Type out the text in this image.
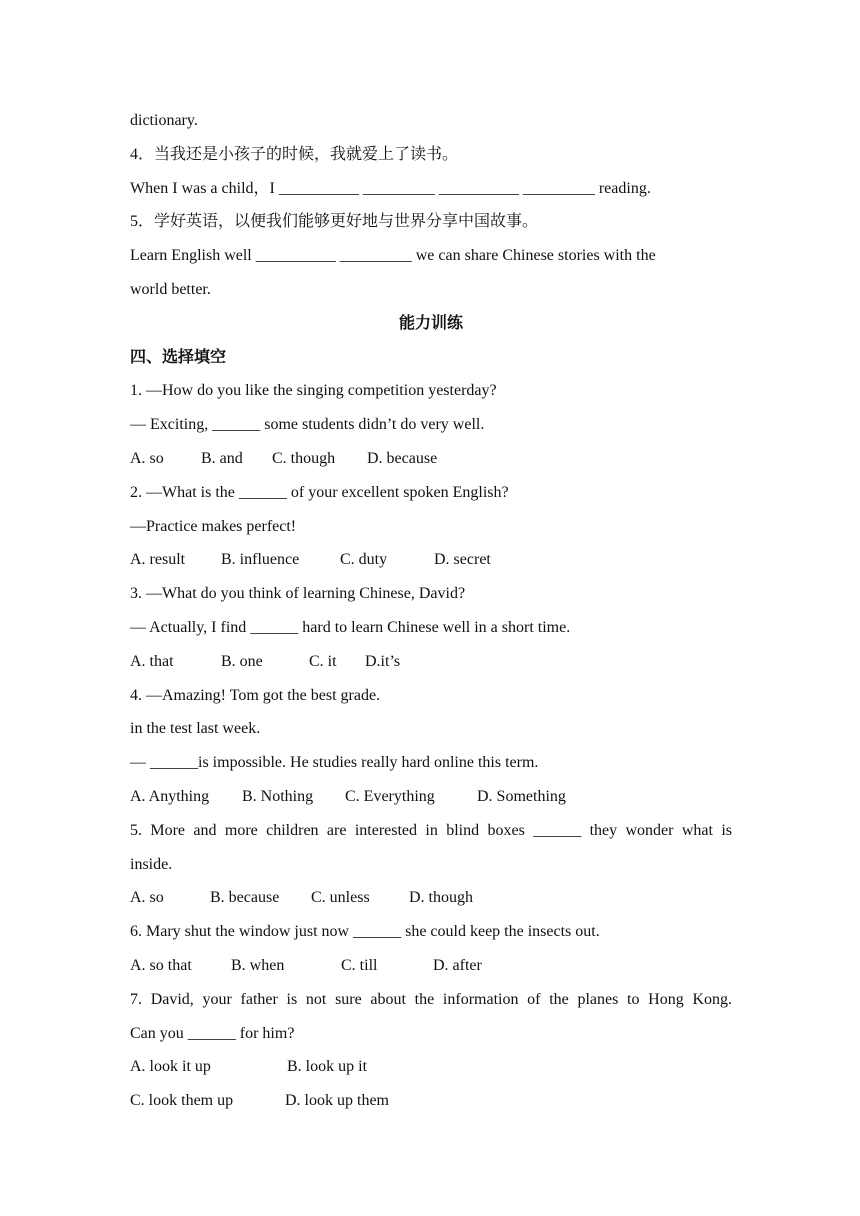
dictionary.
4．当我还是小孩子的时候，我就爱上了读书。
When I was a child，I __________ _________ __________ _________ reading.
5．学好英语，以便我们能够更好地与世界分享中国故事。
Learn English well __________ _________ we can share Chinese stories with the
world better.
能力训练
四、选择填空
1. —How do you like the singing competition yesterday?
— Exciting, ______ some students didn’t do very well.
A. so B. and C. though D. because
2. —What is the ______ of your excellent spoken English?
—Practice makes perfect!
A. result B. influence	C. duty	D. secret
3. —What do you think of learning Chinese, David?
— Actually, I find ______ hard to learn Chinese well in a short time.
A. that	B. one	C. it D.it’s
4. —Amazing! Tom got the best grade.
in the test last week.
— ______is impossible. He studies really hard online this term.
A. Anything B. Nothing C. Everything	D. Something
5. More and more children are interested in blind boxes ______ they wonder what is
inside.
A. so	B. because C. unless D. though
6. Mary shut the window just now ______ she could keep the insects out.
A. so that B. when	C. till	D. after
7. David, your father is not sure about the information of the planes to Hong Kong.
Can you ______ for him?
A. look it up	B. look up it
C. look them up	D. look up them
